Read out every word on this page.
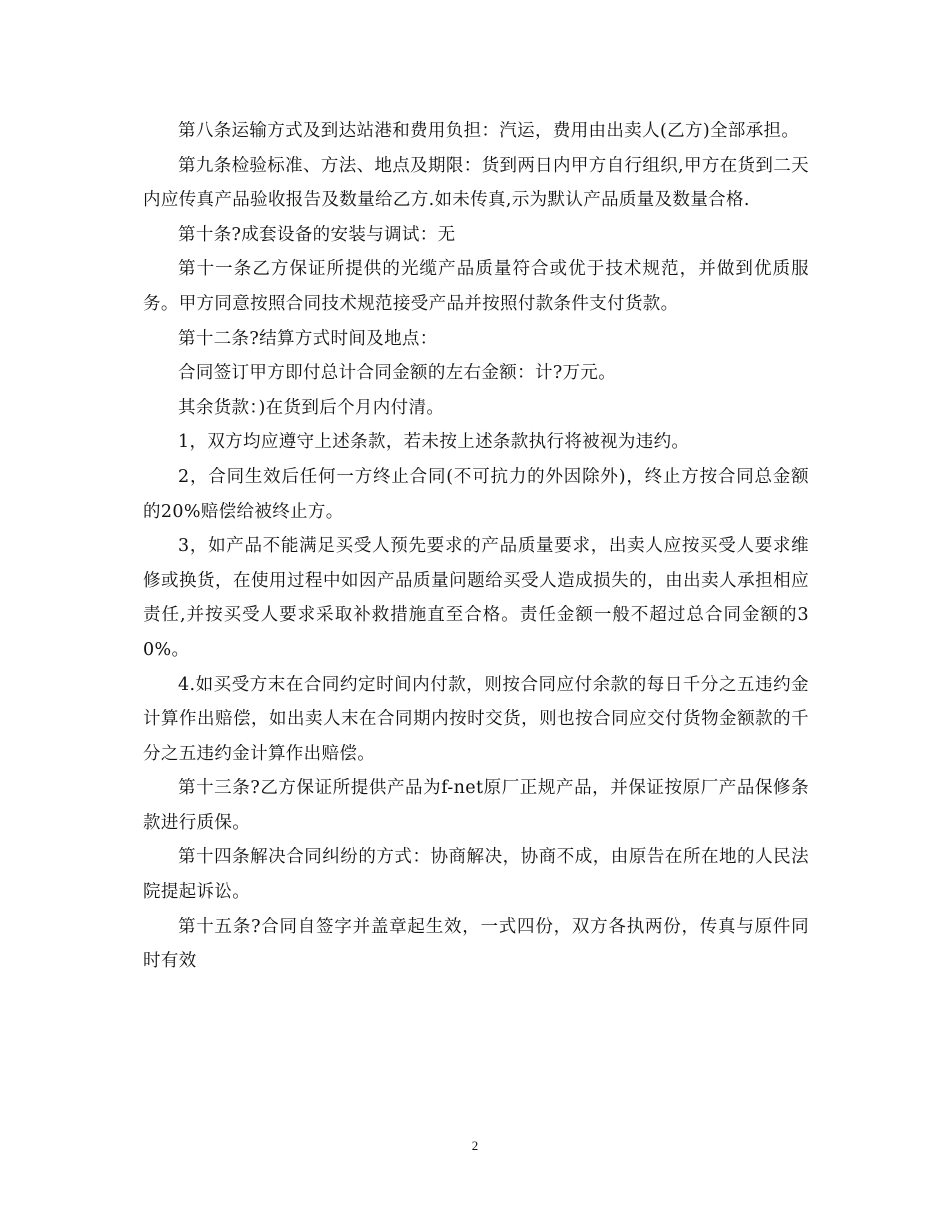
第八条运输方式及到达站港和费用负担：汽运，费用由出卖人(乙方)全部承担。

第九条检验标准、方法、地点及期限：货到两日内甲方自行组织,甲方在货到二天内应传真产品验收报告及数量给乙方.如未传真,示为默认产品质量及数量合格.

第十条?成套设备的安装与调试：无

第十一条乙方保证所提供的光缆产品质量符合或优于技术规范，并做到优质服务。甲方同意按照合同技术规范接受产品并按照付款条件支付货款。

第十二条?结算方式时间及地点：

合同签订甲方即付总计合同金额的左右金额：计?万元。

其余货款：)在货到后个月内付清。

1，双方均应遵守上述条款，若未按上述条款执行将被视为违约。

2，合同生效后任何一方终止合同(不可抗力的外因除外)，终止方按合同总金额的20%赔偿给被终止方。

3，如产品不能满足买受人预先要求的产品质量要求，出卖人应按买受人要求维修或换货，在使用过程中如因产品质量问题给买受人造成损失的，由出卖人承担相应责任,并按买受人要求采取补救措施直至合格。责任金额一般不超过总合同金额的30%。

4.如买受方末在合同约定时间内付款，则按合同应付余款的每日千分之五违约金计算作出赔偿，如出卖人末在合同期内按时交货，则也按合同应交付货物金额款的千分之五违约金计算作出赔偿。

第十三条?乙方保证所提供产品为f-net原厂正规产品，并保证按原厂产品保修条款进行质保。

第十四条解决合同纠纷的方式：协商解决，协商不成，由原告在所在地的人民法院提起诉讼。

第十五条?合同自签字并盖章起生效，一式四份，双方各执两份，传真与原件同时有效

2
